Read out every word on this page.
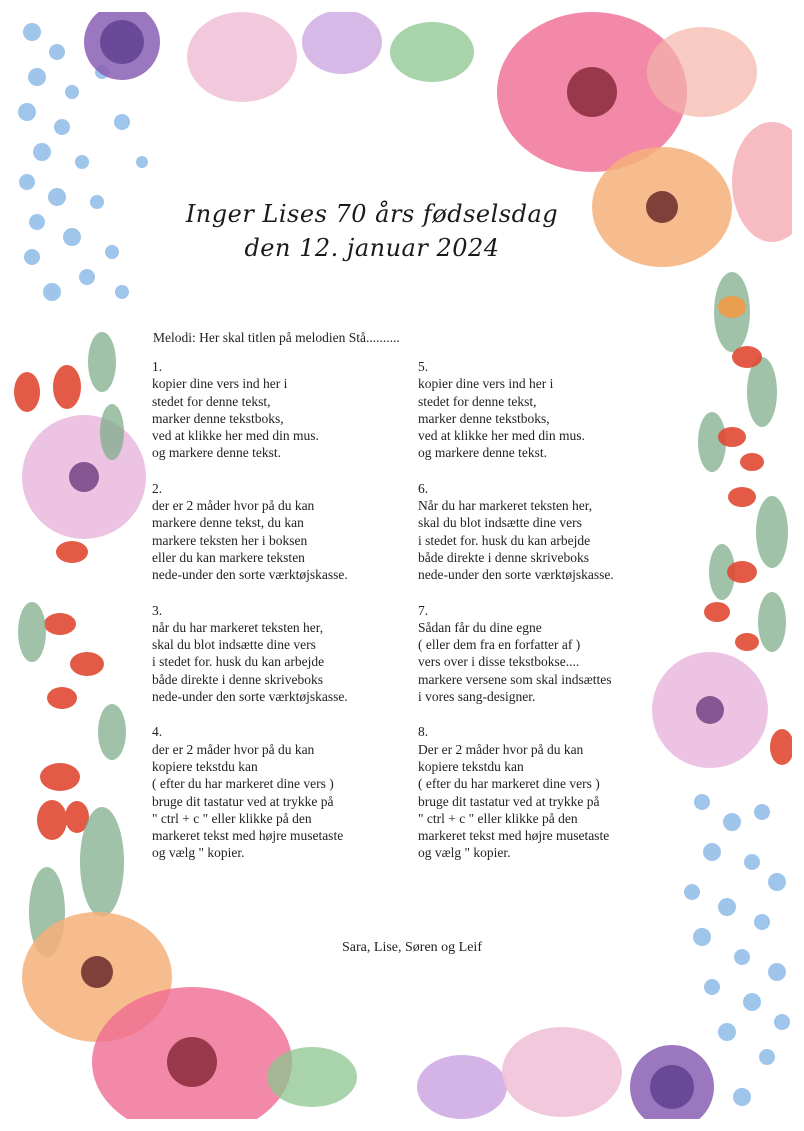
Inger Lises 70 års fødselsdag
den 12. januar 2024
Melodi: Her skal titlen på melodien Stå..........
1.
kopier dine vers ind her i
stedet for denne tekst,
marker denne tekstboks,
ved at klikke her med din mus.
og markere denne tekst.
2.
der er 2 måder hvor på du kan
markere denne tekst, du kan
markere teksten her i boksen
eller du kan markere teksten
nede-under den sorte værktøjskasse.
3.
når du har markeret teksten her,
skal du blot indsætte dine vers
i stedet for. husk du kan arbejde
både direkte i denne skriveboks
nede-under den sorte værktøjskasse.
4.
der er 2 måder hvor på du kan
kopiere tekstdu kan
( efter du har markeret dine vers )
bruge dit tastatur ved at trykke på
" ctrl + c " eller klikke på den
markeret tekst med højre musetaste
og vælg " kopier.
5.
kopier dine vers ind her i
stedet for denne tekst,
marker denne tekstboks,
ved at klikke her med din mus.
og markere denne tekst.
6.
Når du har markeret teksten her,
skal du blot indsætte dine vers
i stedet for. husk du kan arbejde
både direkte i denne skriveboks
nede-under den sorte værktøjskasse.
7.
Sådan får du dine egne
( eller dem fra en forfatter af )
vers over i disse tekstbokse....
markere versene som skal indsættes
i vores sang-designer.
8.
Der er 2 måder hvor på du kan
kopiere tekstdu kan
( efter du har markeret dine vers )
bruge dit tastatur ved at trykke på
" ctrl + c " eller klikke på den
markeret tekst med højre musetaste
og vælg " kopier.
Sara, Lise, Søren og Leif
